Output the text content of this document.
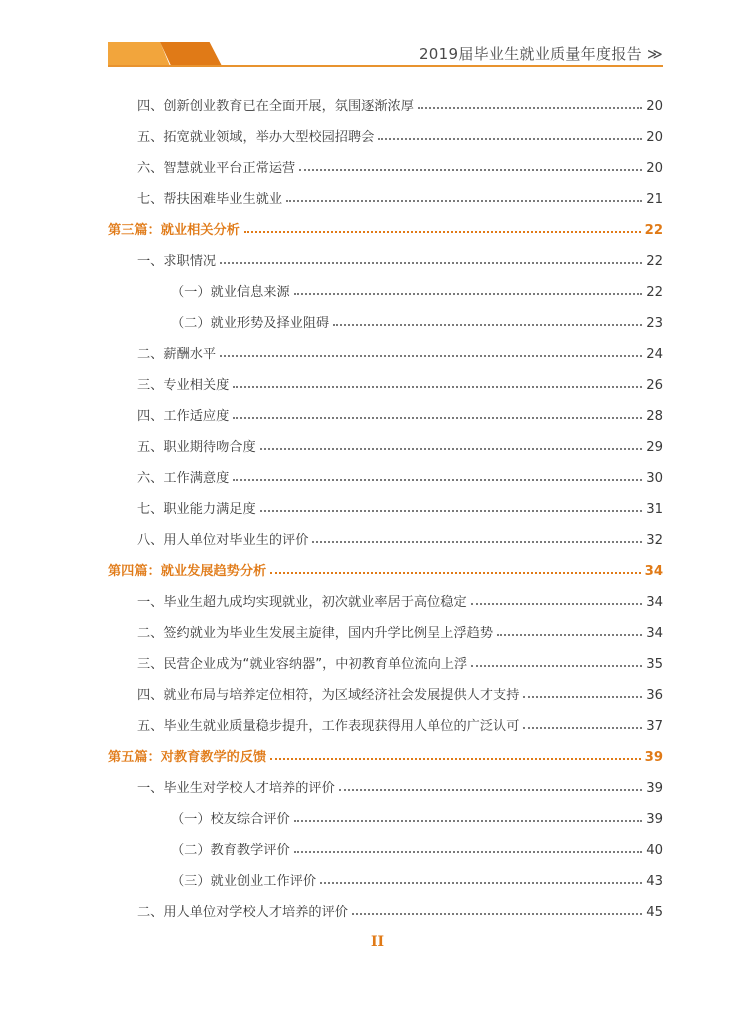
2019届毕业生就业质量年度报告 ≫
四、创新创业教育已在全面开展，氛围逐渐浓厚	20
五、拓宽就业领域，举办大型校园招聘会	20
六、智慧就业平台正常运营	20
七、帮扶困难毕业生就业	21
第三篇：就业相关分析	22
一、求职情况	22
（一）就业信息来源	22
（二）就业形势及择业阻碍	23
二、薪酬水平	24
三、专业相关度	26
四、工作适应度	28
五、职业期待吻合度	29
六、工作满意度	30
七、职业能力满足度	31
八、用人单位对毕业生的评价	32
第四篇：就业发展趋势分析	34
一、毕业生超九成均实现就业，初次就业率居于高位稳定	34
二、签约就业为毕业生发展主旋律，国内升学比例呈上浮趋势	34
三、民营企业成为“就业容纳器”，中初教育单位流向上浮	35
四、就业布局与培养定位相符，为区域经济社会发展提供人才支持	36
五、毕业生就业质量稳步提升，工作表现获得用人单位的广泛认可	37
第五篇：对教育教学的反馈	39
一、毕业生对学校人才培养的评价	39
（一）校友综合评价	39
（二）教育教学评价	40
（三）就业创业工作评价	43
二、用人单位对学校人才培养的评价	45
II
